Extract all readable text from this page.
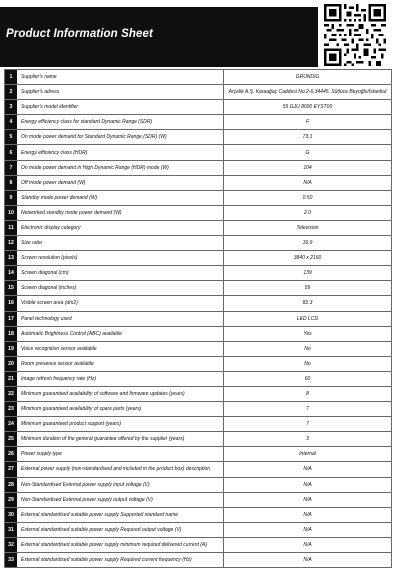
Product Information Sheet
1	Supplier's name	GRUNDIG
2	Supplier's adress	Arçelik A.Ş. Karaağaç Caddesi No:2-6,34445, Sütlüce Beyoğlu/İstanbul
3	Supplier's model identifier	55 GJU 8000 EYST00
4	Energy efficiency class for standard Dynamic Range (SDR)	F
5	On mode power demand for Standard Dynamic Range (SDR) (W)	73.1
6	Energy efficiency class (HDR)	G
7	On mode power demand in High Dynamic Range (HDR) mode (W)	104
8	Off mode power demand (W)	N/A
9	Standby mode power demand (W)	0.50
10	Networked standby mode power demand (W)	2.0
11	Electronic display category	Television
12	Size ratio	16:9
13	Screen resolution (pixels)	3840 x 2160
14	Screen diagonal (cm)	139
15	Screen diagonal (inches)	55
16	Visible screen area (dm2)	82.3
17	Panel technology used	LED LCD
18	Automatic Brightness Control (ABC) available	Yes
19	Voice recognition sensor available	No
20	Room presence sensor available	No
21	Image refresh frequency rate (Hz)	60
22	Minimum guaranteed availability of software and firmware updates (years)	8
23	Minimum guaranteed availability of spare parts (years)	7
24	Minimum guaranteed product support (years)	7
25	Minimum duration of the general guarantee offered by the supplier (years)	3
26	Power supply type	Internal
27	External power supply (non-standardised and included in the product box) description	N/A
28	Non-Standardised External power supply input voltage (V)	N/A
29	Non-Standardised External power supply output voltage (V)	N/A
30	External standardised suitable power supply Supported standard name	N/A
31	External standardised suitable power supply Required output voltage (V)	N/A
32	External standardised suitable power supply minimum required delivered current (A)	N/A
33	External standardised suitable power supply Required current frequency (Hz)	N/A
